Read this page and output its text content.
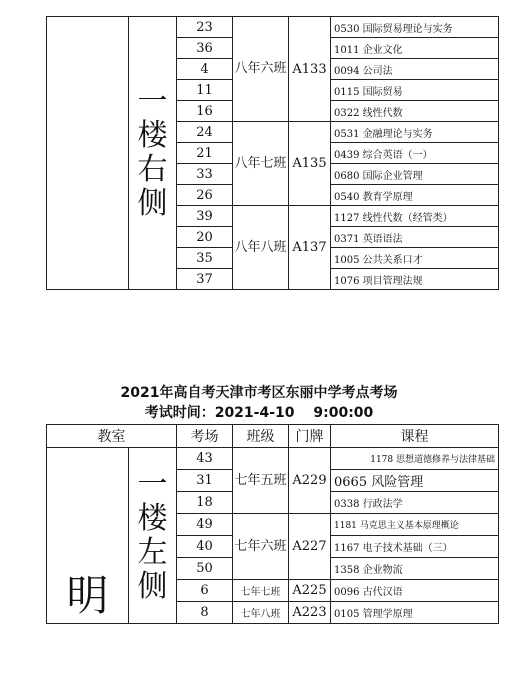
	一楼右侧	23	八年六班	A133	0530 国际贸易理论与实务
		36			1011 企业文化
		4			0094 公司法
		11			0115 国际贸易
		16			0322 线性代数
		24	八年七班	A135	0531 金融理论与实务
		21			0439 综合英语（一）
		33			0680 国际企业管理
		26			0540 教育学原理
		39	八年八班	A137	1127 线性代数（经管类）
		20			0371 英语语法
		35			1005 公共关系口才
		37			1076 项目管理法规
2021年高自考天津市考区东丽中学考点考场
考试时间：2021-4-10　 9:00:00
教室		考场	班级	门牌	课程
明	一楼左侧	43	七年五班	A229	1178 思想道德修养与法律基础
		31			0665 风险管理
		18			0338 行政法学
		49	七年六班	A227	1181 马克思主义基本原理概论
		40			1167 电子技术基础（三）
		50			1358 企业物流
		6	七年七班	A225	0096 古代汉语
		8	七年八班	A223	0105 管理学原理
